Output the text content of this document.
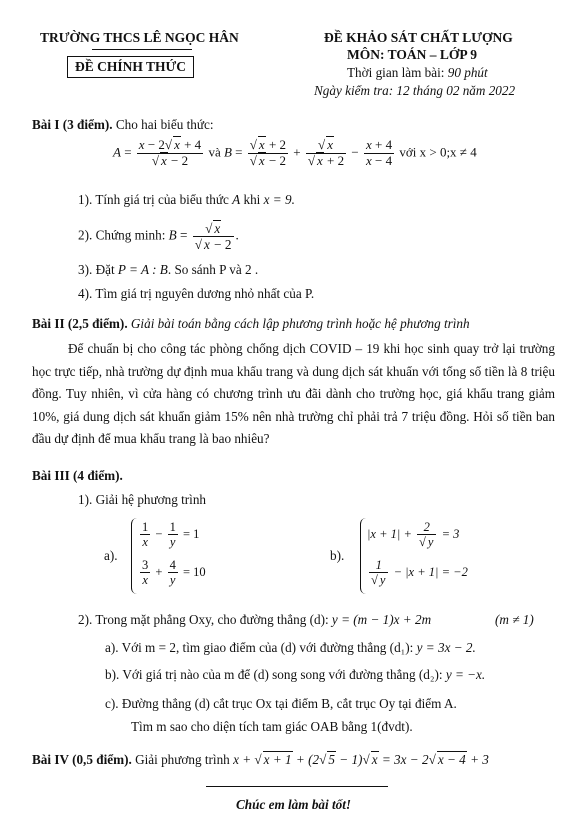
TRƯỜNG THCS LÊ NGỌC HÂN
ĐỀ CHÍNH THỨC
ĐỀ KHẢO SÁT CHẤT LƯỢNG
MÔN: TOÁN – LỚP 9
Thời gian làm bài: 90 phút
Ngày kiểm tra: 12 tháng 02 năm 2022
Bài I (3 điểm). Cho hai biểu thức:
$A = \frac{x - 2√ x + 4}{√ x - 2}$ và $B = \frac{√ x + 2}{√ x - 2} + \frac{√ x}{√ x + 2} - \frac{x + 4}{x - 4}$ với x > 0;x ≠ 4
1). Tính giá trị của biểu thức A khi x = 9.
2). Chứng minh: $B = \frac{√ x}{√ x - 2}$ .
3). Đặt P = A : B. So sánh P và 2 .
4). Tìm giá trị nguyên dương nhỏ nhất của P.
Bài II (2,5 điểm). Giải bài toán bằng cách lập phương trình hoặc hệ phương trình
Để chuẩn bị cho công tác phòng chống dịch COVID – 19 khi học sinh quay trở lại trường học trực tiếp, nhà trường dự định mua khẩu trang và dung dịch sát khuẩn với tổng số tiền là 8 triệu đồng. Tuy nhiên, vì cửa hàng có chương trình ưu đãi dành cho trường học, giá khẩu trang giảm 10%, giá dung dịch sát khuẩn giảm 15% nên nhà trường chỉ phải trả 7 triệu đồng. Hỏi số tiền ban đầu dự định để mua khẩu trang là bao nhiêu?
Bài III (4 điểm).
1). Giải hệ phương trình
a).
$\frac{1}{x} - \frac{1}{y} = 1$
$\frac{3}{x} + \frac{4}{y} = 10$
b).
$|x + 1| + \frac{2}{√ y} = 3$
$\frac{1}{√ y} - |x + 1| = -2$
2). Trong mặt phẳng Oxy, cho đường thẳng (d): y = (m − 1)x + 2m	(m ≠ 1)
a). Với m = 2, tìm giao điểm của (d) với đường thẳng (d₁): y = 3x − 2.
b). Với giá trị nào của m để (d) song song với đường thẳng (d₂): y = −x.
c). Đường thẳng (d) cắt trục Ox tại điểm B, cắt trục Oy tại điểm A.
Tìm m sao cho diện tích tam giác OAB bằng 1(đvdt).
Bài IV (0,5 điểm). Giải phương trình x + √ x + 1 + (2√ 5 − 1)√ x = 3x − 2√ x − 4 + 3
Chúc em làm bài tốt!
